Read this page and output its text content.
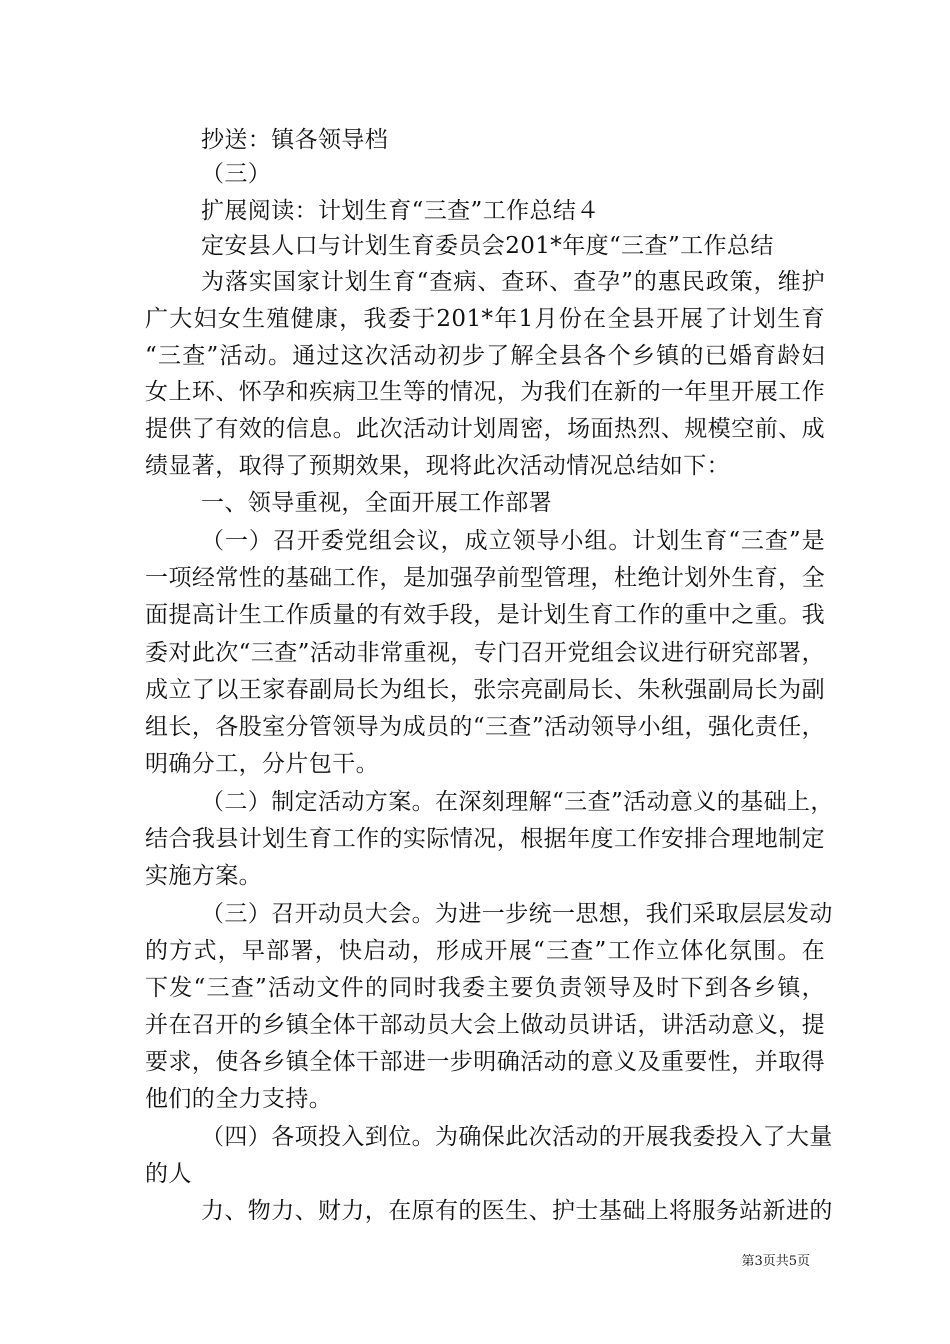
抄送：镇各领导档
（三）
扩展阅读：计划生育“三查”工作总结４
定安县人口与计划生育委员会201*年度“三查”工作总结
为落实国家计划生育“查病、查环、查孕”的惠民政策，维护
广大妇女生殖健康，我委于201*年1月份在全县开展了计划生育
“三查”活动。通过这次活动初步了解全县各个乡镇的已婚育龄妇
女上环、怀孕和疾病卫生等的情况，为我们在新的一年里开展工作
提供了有效的信息。此次活动计划周密，场面热烈、规模空前、成
绩显著，取得了预期效果，现将此次活动情况总结如下：
一、领导重视，全面开展工作部署
（一）召开委党组会议，成立领导小组。计划生育“三查”是
一项经常性的基础工作，是加强孕前型管理，杜绝计划外生育，全
面提高计生工作质量的有效手段，是计划生育工作的重中之重。我
委对此次“三查”活动非常重视，专门召开党组会议进行研究部署，
成立了以王家春副局长为组长，张宗亮副局长、朱秋强副局长为副
组长，各股室分管领导为成员的“三查”活动领导小组，强化责任，
明确分工，分片包干。
（二）制定活动方案。在深刻理解“三查”活动意义的基础上，
结合我县计划生育工作的实际情况，根据年度工作安排合理地制定
实施方案。
（三）召开动员大会。为进一步统一思想，我们采取层层发动
的方式，早部署，快启动，形成开展“三查”工作立体化氛围。在
下发“三查”活动文件的同时我委主要负责领导及时下到各乡镇，
并在召开的乡镇全体干部动员大会上做动员讲话，讲活动意义，提
要求，使各乡镇全体干部进一步明确活动的意义及重要性，并取得
他们的全力支持。
（四）各项投入到位。为确保此次活动的开展我委投入了大量
的人
力、物力、财力，在原有的医生、护士基础上将服务站新进的
第3页共5页
